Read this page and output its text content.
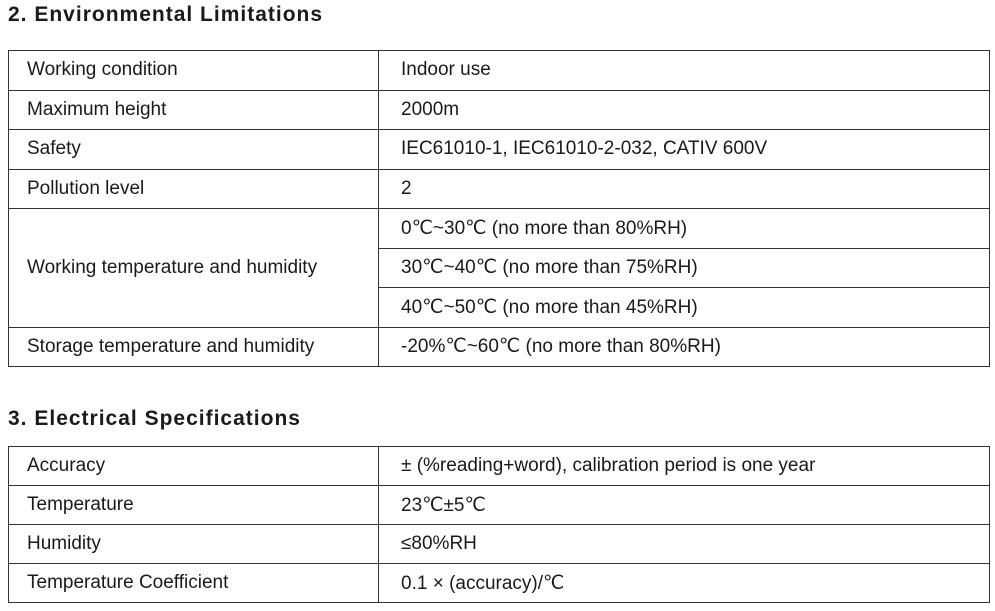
2. Environmental Limitations
Working condition	Indoor use
Maximum height	2000m
Safety	IEC61010-1, IEC61010-2-032, CATIV 600V
Pollution level	2
Working temperature and humidity	0℃~30℃ (no more than 80%RH)
	30℃~40℃ (no more than 75%RH)
	40℃~50℃ (no more than 45%RH)
Storage temperature and humidity	-20%℃~60℃ (no more than 80%RH)
3. Electrical Specifications
Accuracy	± (%reading+word), calibration period is one year
Temperature	23℃±5℃
Humidity	≤80%RH
Temperature Coefficient	0.1 × (accuracy)/℃
